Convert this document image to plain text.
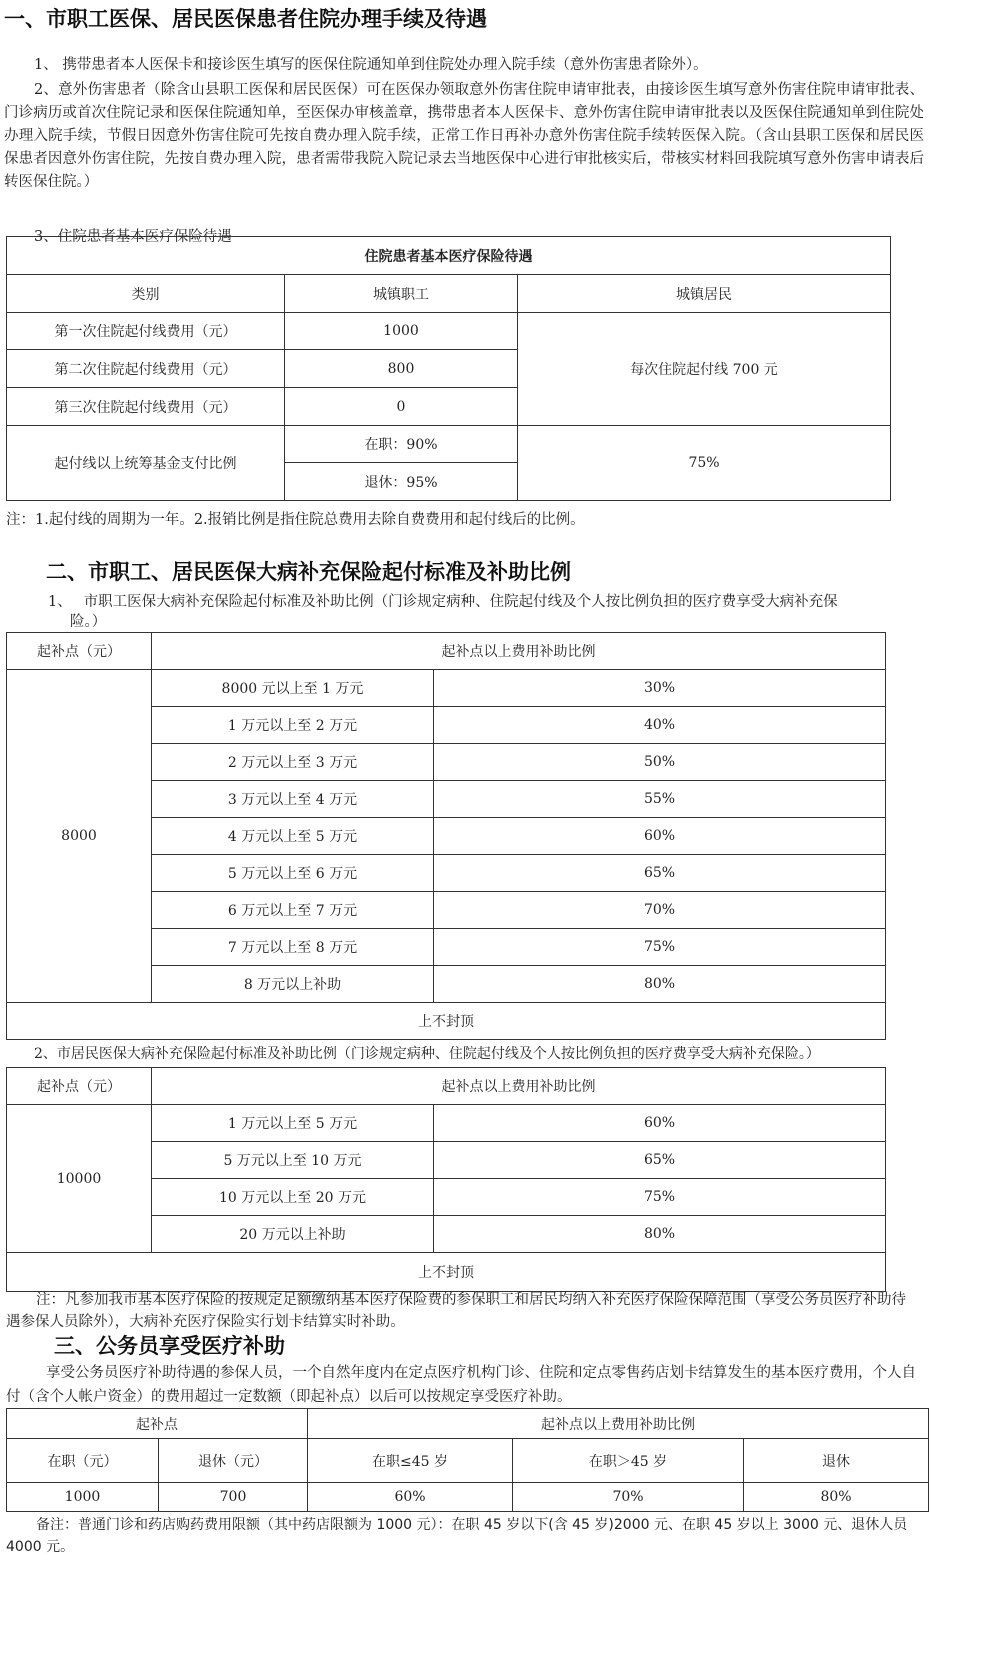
一、市职工医保、居民医保患者住院办理手续及待遇

1、 携带患者本人医保卡和接诊医生填写的医保住院通知单到住院处办理入院手续（意外伤害患者除外）。

2、意外伤害患者（除含山县职工医保和居民医保）可在医保办领取意外伤害住院申请审批表，由接诊医生填写意外伤害住院申请审批表、门诊病历或首次住院记录和医保住院通知单，至医保办审核盖章，携带患者本人医保卡、意外伤害住院申请审批表以及医保住院通知单到住院处办理入院手续，节假日因意外伤害住院可先按自费办理入院手续，正常工作日再补办意外伤害住院手续转医保入院。（含山县职工医保和居民医保患者因意外伤害住院，先按自费办理入院，患者需带我院入院记录去当地医保中心进行审批核实后，带核实材料回我院填写意外伤害申请表后转医保住院。）

3、住院患者基本医疗保险待遇

住院患者基本医疗保险待遇		
类别	城镇职工	城镇居民
第一次住院起付线费用（元）	1000	每次住院起付线 700 元
第二次住院起付线费用（元）	800	
第三次住院起付线费用（元）	0	
起付线以上统筹基金支付比例	在职：90%	75%
	退休：95%	

注：1.起付线的周期为一年。2.报销比例是指住院总费用去除自费费用和起付线后的比例。

二、市职工、居民医保大病补充保险起付标准及补助比例

1、　 市职工医保大病补充保险起付标准及补助比例（门诊规定病种、住院起付线及个人按比例负担的医疗费享受大病补充保

险。）

起补点（元）	起补点以上费用补助比例	
8000	8000 元以上至 1 万元	30%
	1 万元以上至 2 万元	40%
	2 万元以上至 3 万元	50%
	3 万元以上至 4 万元	55%
	4 万元以上至 5 万元	60%
	5 万元以上至 6 万元	65%
	6 万元以上至 7 万元	70%
	7 万元以上至 8 万元	75%
	8 万元以上补助	80%
上不封顶		

2、市居民医保大病补充保险起付标准及补助比例（门诊规定病种、住院起付线及个人按比例负担的医疗费享受大病补充保险。）

起补点（元）	起补点以上费用补助比例	
10000	1 万元以上至 5 万元	60%
	5 万元以上至 10 万元	65%
	10 万元以上至 20 万元	75%
	20 万元以上补助	80%
上不封顶		

注：凡参加我市基本医疗保险的按规定足额缴纳基本医疗保险费的参保职工和居民均纳入补充医疗保险保障范围（享受公务员医疗补助待遇参保人员除外），大病补充医疗保险实行划卡结算实时补助。

三、公务员享受医疗补助

享受公务员医疗补助待遇的参保人员，一个自然年度内在定点医疗机构门诊、住院和定点零售药店划卡结算发生的基本医疗费用，个人自付（含个人帐户资金）的费用超过一定数额（即起补点）以后可以按规定享受医疗补助。

起补点		起补点以上费用补助比例		
在职（元）	退休（元）	在职≤45 岁	在职＞45 岁	退休
1000	700	60%	70%	80%

备注：普通门诊和药店购药费用限额（其中药店限额为 1000 元）：在职 45 岁以下(含 45 岁)2000 元、在职 45 岁以上 3000 元、退休人员 4000 元。
